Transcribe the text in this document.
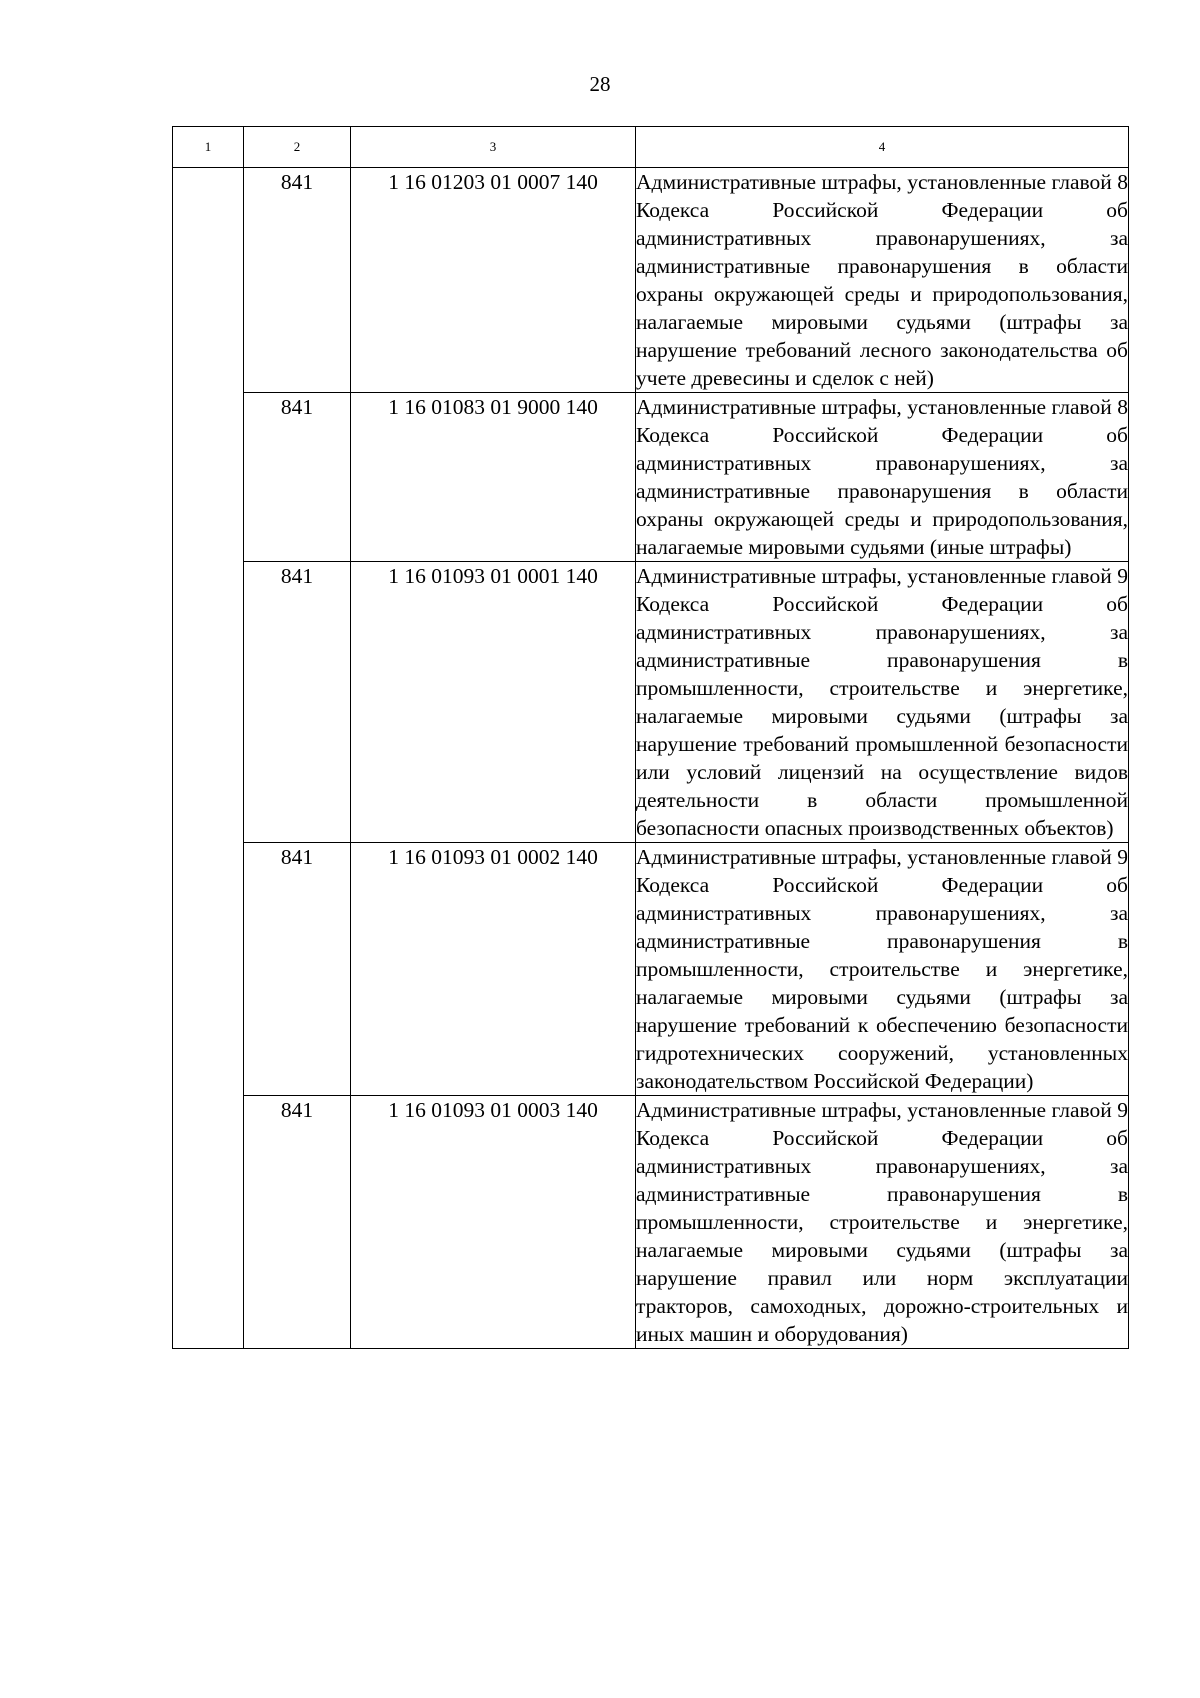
28
1	2	3	4
	841	1 16 01203 01 0007 140	Административные штрафы, установленные главой 8 Кодекса Российской Федерации об административных правонарушениях, за административные правонарушения в области охраны окружающей среды и природопользования, налагаемые мировыми судьями (штрафы за нарушение требований лесного законодательства об учете древесины и сделок с ней)
	841	1 16 01083 01 9000 140	Административные штрафы, установленные главой 8 Кодекса Российской Федерации об административных правонарушениях, за административные правонарушения в области охраны окружающей среды и природопользования, налагаемые мировыми судьями (иные штрафы)
	841	1 16 01093 01 0001 140	Административные штрафы, установленные главой 9 Кодекса Российской Федерации об административных правонарушениях, за административные правонарушения в промышленности, строительстве и энергетике, налагаемые мировыми судьями (штрафы за нарушение требований промышленной безопасности или условий лицензий на осуществление видов деятельности в области промышленной безопасности опасных производственных объектов)
	841	1 16 01093 01 0002 140	Административные штрафы, установленные главой 9 Кодекса Российской Федерации об административных правонарушениях, за административные правонарушения в промышленности, строительстве и энергетике, налагаемые мировыми судьями (штрафы за нарушение требований к обеспечению безопасности гидротехнических сооружений, установленных законодательством Российской Федерации)
	841	1 16 01093 01 0003 140	Административные штрафы, установленные главой 9 Кодекса Российской Федерации об административных правонарушениях, за административные правонарушения в промышленности, строительстве и энергетике, налагаемые мировыми судьями (штрафы за нарушение правил или норм эксплуатации тракторов, самоходных, дорожно-строительных и иных машин и оборудования)
